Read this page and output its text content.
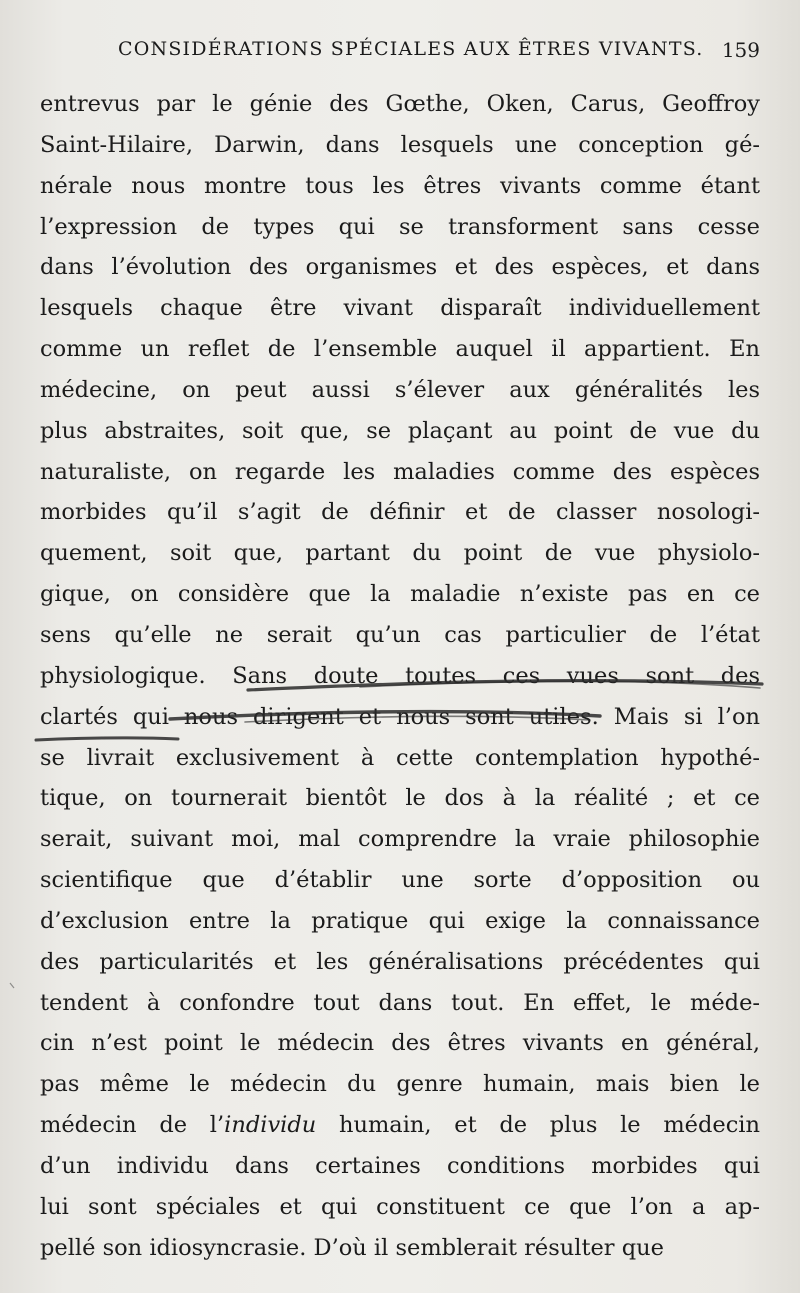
CONSIDÉRATIONS SPÉCIALES AUX ÊTRES VIVANTS. 159
entrevus par le génie des Gœthe, Oken, Carus, Geoffroy
Saint-Hilaire, Darwin, dans lesquels une conception gé-
nérale nous montre tous les êtres vivants comme étant
l’expression de types qui se transforment sans cesse
dans l’évolution des organismes et des espèces, et dans
lesquels chaque être vivant disparaît individuellement
comme un reflet de l’ensemble auquel il appartient. En
médecine, on peut aussi s’élever aux généralités les
plus abstraites, soit que, se plaçant au point de vue du
naturaliste, on regarde les maladies comme des espèces
morbides qu’il s’agit de définir et de classer nosologi-
quement, soit que, partant du point de vue physiolo-
gique, on considère que la maladie n’existe pas en ce
sens qu’elle ne serait qu’un cas particulier de l’état
physiologique. Sans doute toutes ces vues sont des
clartés qui nous dirigent et nous sont utiles. Mais si l’on
se livrait exclusivement à cette contemplation hypothé-
tique, on tournerait bientôt le dos à la réalité ; et ce
serait, suivant moi, mal comprendre la vraie philosophie
scientifique que d’établir une sorte d’opposition ou
d’exclusion entre la pratique qui exige la connaissance
des particularités et les généralisations précédentes qui
tendent à confondre tout dans tout. En effet, le méde-
cin n’est point le médecin des êtres vivants en général,
pas même le médecin du genre humain, mais bien le
médecin de l’individu humain, et de plus le médecin
d’un individu dans certaines conditions morbides qui
lui sont spéciales et qui constituent ce que l’on a ap-
pellé son idiosyncrasie. D’où il semblerait résulter que
